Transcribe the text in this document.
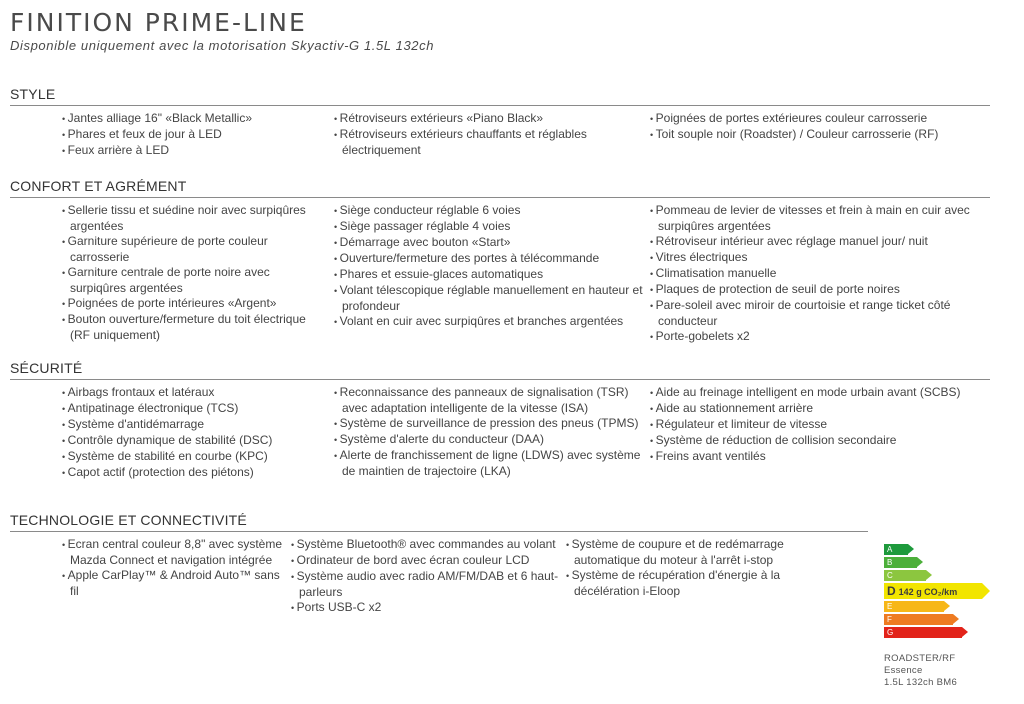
FINITION PRIME-LINE
Disponible uniquement avec la motorisation Skyactiv-G 1.5L 132ch
STYLE
• Jantes alliage 16" «Black Metallic»
• Phares et feux de jour à LED
• Feux arrière à LED
• Rétroviseurs extérieurs «Piano Black»
• Rétroviseurs extérieurs chauffants et réglables électriquement
• Poignées de portes extérieures couleur carrosserie
• Toit souple noir (Roadster) / Couleur carrosserie (RF)
CONFORT ET AGRÉMENT
• Sellerie tissu et suédine noir avec surpiqûres argentées
• Garniture supérieure de porte couleur carrosserie
• Garniture centrale de porte noire avec surpiqûres argentées
• Poignées de porte intérieures «Argent»
• Bouton ouverture/fermeture du toit électrique (RF uniquement)
• Siège conducteur réglable 6 voies
• Siège passager réglable 4 voies
• Démarrage avec bouton «Start»
• Ouverture/fermeture des portes à télécommande
• Phares et essuie-glaces automatiques
• Volant télescopique réglable manuellement en hauteur et profondeur
• Volant en cuir avec surpiqûres et branches argentées
• Pommeau de levier de vitesses et frein à main en cuir avec surpiqûres argentées
• Rétroviseur intérieur avec réglage manuel jour/ nuit
• Vitres électriques
• Climatisation manuelle
• Plaques de protection de seuil de porte noires
• Pare-soleil avec miroir de courtoisie et range ticket côté conducteur
• Porte-gobelets x2
SÉCURITÉ
• Airbags frontaux et latéraux
• Antipatinage électronique (TCS)
• Système d'antidémarrage
• Contrôle dynamique de stabilité (DSC)
• Système de stabilité en courbe (KPC)
• Capot actif (protection des piétons)
• Reconnaissance des panneaux de signalisation (TSR) avec adaptation intelligente de la vitesse (ISA)
• Système de surveillance de pression des pneus (TPMS)
• Système d'alerte du conducteur (DAA)
• Alerte de franchissement de ligne (LDWS) avec système de maintien de trajectoire (LKA)
• Aide au freinage intelligent en mode urbain avant (SCBS)
• Aide au stationnement arrière
• Régulateur et limiteur de vitesse
• Système de réduction de collision secondaire
• Freins avant ventilés
TECHNOLOGIE ET CONNECTIVITÉ
• Ecran central couleur 8,8" avec système Mazda Connect et navigation intégrée
• Apple CarPlay™ & Android Auto™ sans fil
• Système Bluetooth® avec commandes au volant
• Ordinateur de bord avec écran couleur LCD
• Système audio avec radio AM/FM/DAB et 6 haut-parleurs
• Ports USB-C x2
• Système de coupure et de redémarrage automatique du moteur à l'arrêt i-stop
• Système de récupération d'énergie à la décélération i-Eloop
A
B
C
D 142 g CO₂/km
E
F
G
ROADSTER/RF
Essence
1.5L 132ch BM6
